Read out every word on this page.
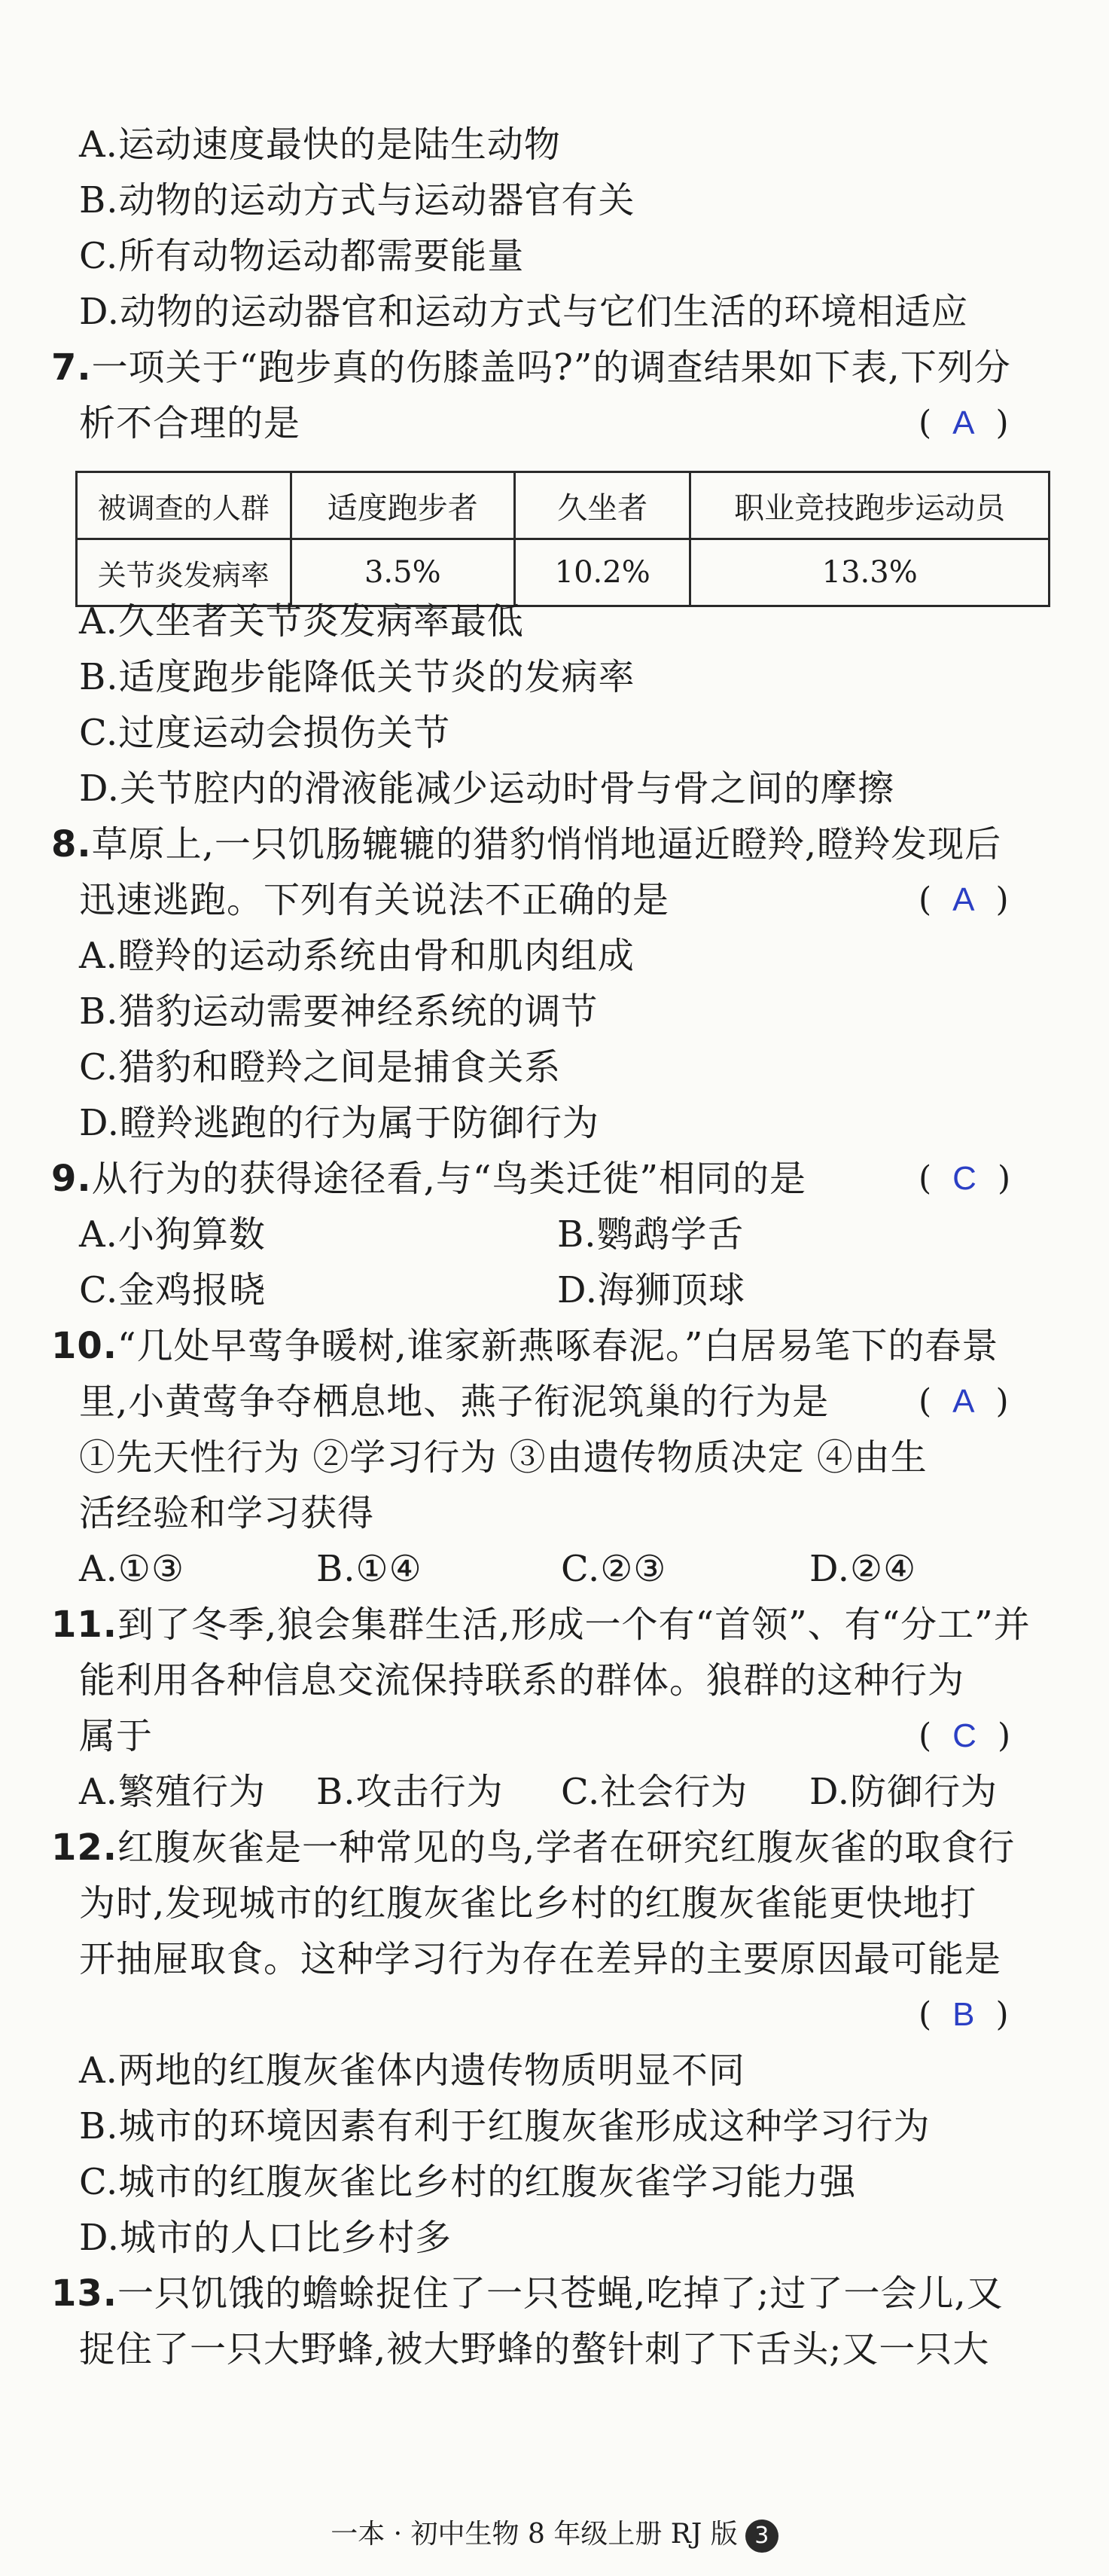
A.运动速度最快的是陆生动物
B.动物的运动方式与运动器官有关
C.所有动物运动都需要能量
D.动物的运动器官和运动方式与它们生活的环境相适应
7.一项关于“跑步真的伤膝盖吗?”的调查结果如下表,下列分
析不合理的是	( A )
被调查的人群	适度跑步者	久坐者	职业竞技跑步运动员
关节炎发病率	3.5%	10.2%	13.3%
A.久坐者关节炎发病率最低
B.适度跑步能降低关节炎的发病率
C.过度运动会损伤关节
D.关节腔内的滑液能减少运动时骨与骨之间的摩擦
8.草原上,一只饥肠辘辘的猎豹悄悄地逼近瞪羚,瞪羚发现后
迅速逃跑。下列有关说法不正确的是	( A )
A.瞪羚的运动系统由骨和肌肉组成
B.猎豹运动需要神经系统的调节
C.猎豹和瞪羚之间是捕食关系
D.瞪羚逃跑的行为属于防御行为
9.从行为的获得途径看,与“鸟类迁徙”相同的是	( C )
A.小狗算数	B.鹦鹉学舌
C.金鸡报晓	D.海狮顶球
10.“几处早莺争暖树,谁家新燕啄春泥。”白居易笔下的春景
里,小黄莺争夺栖息地、燕子衔泥筑巢的行为是	( A )
①先天性行为 ②学习行为 ③由遗传物质决定 ④由生
活经验和学习获得
A.①③	B.①④	C.②③	D.②④
11.到了冬季,狼会集群生活,形成一个有“首领”、有“分工”并
能利用各种信息交流保持联系的群体。狼群的这种行为
属于	( C )
A.繁殖行为 B.攻击行为 C.社会行为 D.防御行为
12.红腹灰雀是一种常见的鸟,学者在研究红腹灰雀的取食行
为时,发现城市的红腹灰雀比乡村的红腹灰雀能更快地打
开抽屉取食。这种学习行为存在差异的主要原因最可能是
( B )
A.两地的红腹灰雀体内遗传物质明显不同
B.城市的环境因素有利于红腹灰雀形成这种学习行为
C.城市的红腹灰雀比乡村的红腹灰雀学习能力强
D.城市的人口比乡村多
13.一只饥饿的蟾蜍捉住了一只苍蝇,吃掉了;过了一会儿,又
捉住了一只大野蜂,被大野蜂的螯针刺了下舌头;又一只大
一本 · 初中生物 8 年级上册 RJ 版 3
